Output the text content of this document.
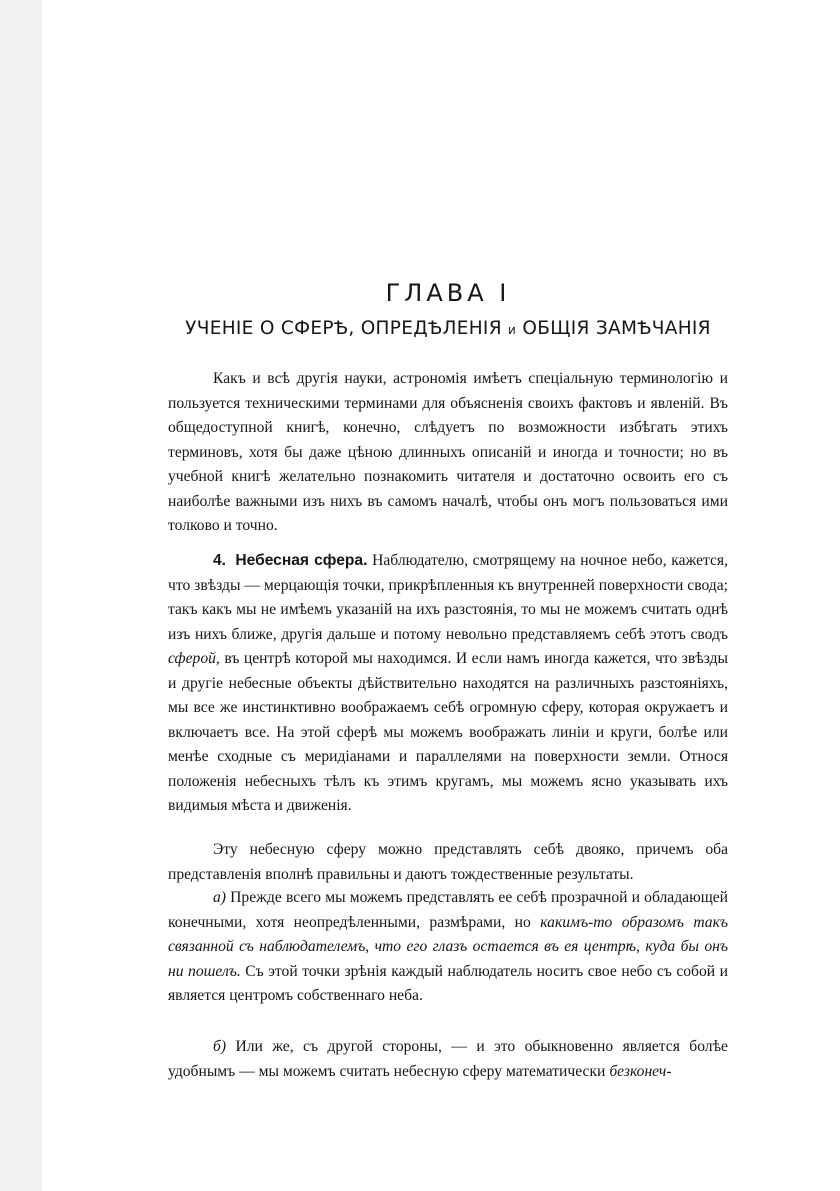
ГЛАВА I
УЧЕНІЕ О СФЕРѢ, ОПРЕДѢЛЕНІЯ и ОБЩІЯ ЗАМѢЧАНІЯ

Какъ и всѣ другія науки, астрономія имѣетъ спеціальную терминологію и пользуется техническими терминами для объясненія своихъ фактовъ и явленій. Въ общедоступной книгѣ, конечно, слѣдуетъ по возможности избѣгать этихъ терминовъ, хотя бы даже цѣною длинныхъ описаній и иногда и точности; но въ учебной книгѣ желательно познакомить читателя и достаточно освоить его съ наиболѣе важными изъ нихъ въ самомъ началѣ, чтобы онъ могъ пользоваться ими толково и точно.

4. Небесная сфера. Наблюдателю, смотрящему на ночное небо, кажется, что звѣзды — мерцающія точки, прикрѣпленныя къ внутренней поверхности свода; такъ какъ мы не имѣемъ указаній на ихъ разстоянія, то мы не можемъ считать однѣ изъ нихъ ближе, другія дальше и потому невольно представляемъ себѣ этотъ сводъ сферой, въ центрѣ которой мы находимся. И если намъ иногда кажется, что звѣзды и другіе небесные объекты дѣйствительно находятся на различныхъ разстояніяхъ, мы все же инстинктивно воображаемъ себѣ огромную сферу, которая окружаетъ и включаетъ все. На этой сферѣ мы можемъ воображать линіи и круги, болѣе или менѣе сходные съ меридіанами и параллелями на поверхности земли. Относя положенія небесныхъ тѣлъ къ этимъ кругамъ, мы можемъ ясно указывать ихъ видимыя мѣста и движенія.

Эту небесную сферу можно представлять себѣ двояко, причемъ оба представленія вполнѣ правильны и даютъ тождественные результаты.

а) Прежде всего мы можемъ представлять ее себѣ прозрачной и обладающей конечными, хотя неопредѣленными, размѣрами, но какимъ-то образомъ такъ связанной съ наблюдателемъ, что его глазъ остается въ ея центрѣ, куда бы онъ ни пошелъ. Съ этой точки зрѣнія каждый наблюдатель носитъ свое небо съ собой и является центромъ собственнаго неба.

б) Или же, съ другой стороны, — и это обыкновенно является болѣе удобнымъ — мы можемъ считать небесную сферу математически безконеч-
